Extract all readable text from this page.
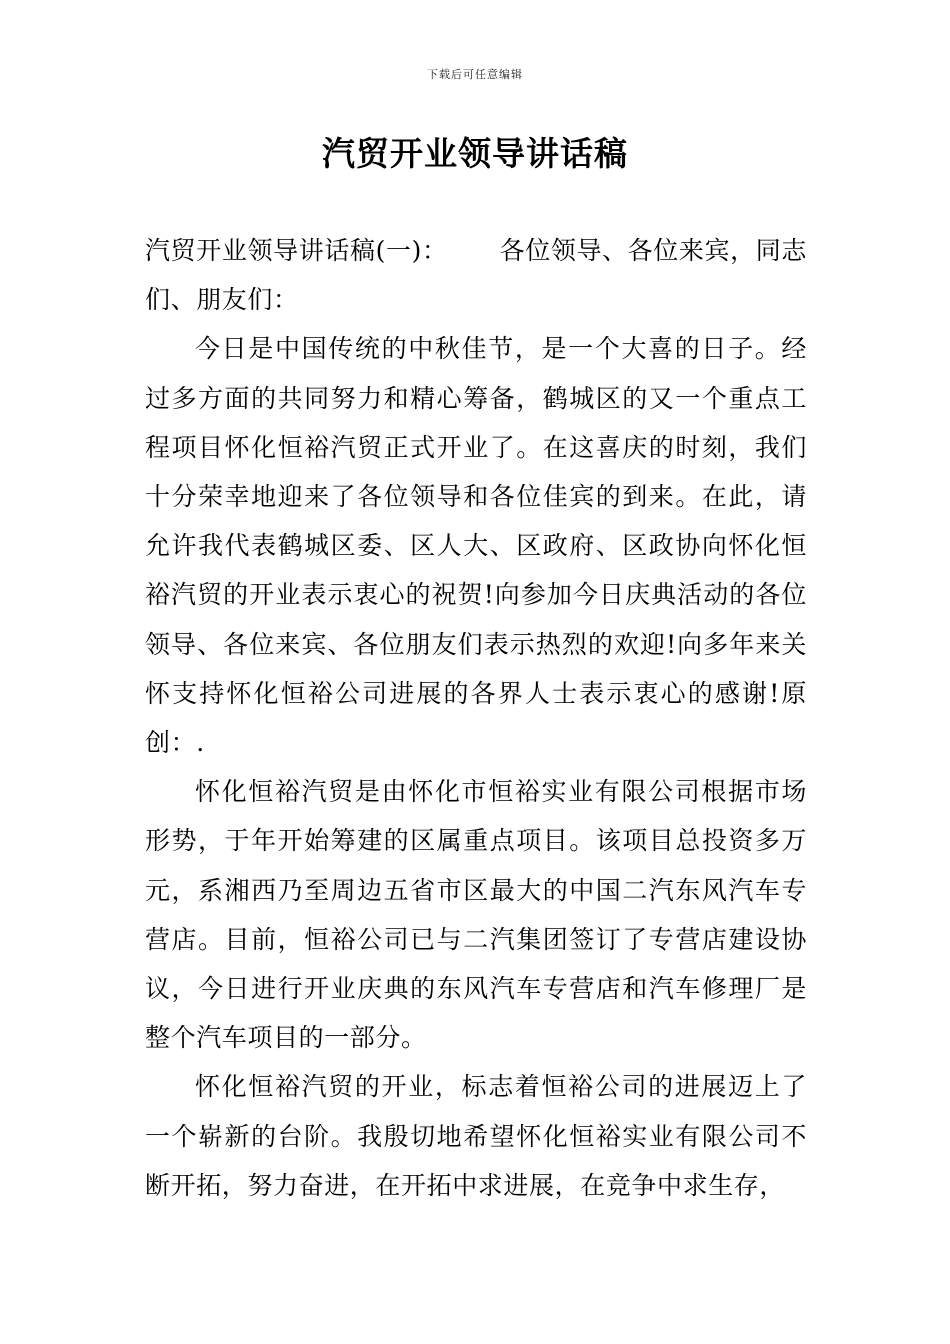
下载后可任意编辑
汽贸开业领导讲话稿

汽贸开业领导讲话稿(一)： 各位领导、各位来宾，同志们、朋友们：

今日是中国传统的中秋佳节，是一个大喜的日子。经过多方面的共同努力和精心筹备，鹤城区的又一个重点工程项目怀化恒裕汽贸正式开业了。在这喜庆的时刻，我们十分荣幸地迎来了各位领导和各位佳宾的到来。在此，请允许我代表鹤城区委、区人大、区政府、区政协向怀化恒裕汽贸的开业表示衷心的祝贺!向参加今日庆典活动的各位领导、各位来宾、各位朋友们表示热烈的欢迎!向多年来关怀支持怀化恒裕公司进展的各界人士表示衷心的感谢!原创：.

怀化恒裕汽贸是由怀化市恒裕实业有限公司根据市场形势，于年开始筹建的区属重点项目。该项目总投资多万元，系湘西乃至周边五省市区最大的中国二汽东风汽车专营店。目前，恒裕公司已与二汽集团签订了专营店建设协议，今日进行开业庆典的东风汽车专营店和汽车修理厂是整个汽车项目的一部分。

怀化恒裕汽贸的开业，标志着恒裕公司的进展迈上了一个崭新的台阶。我殷切地希望怀化恒裕实业有限公司不断开拓，努力奋进，在开拓中求进展，在竞争中求生存，
